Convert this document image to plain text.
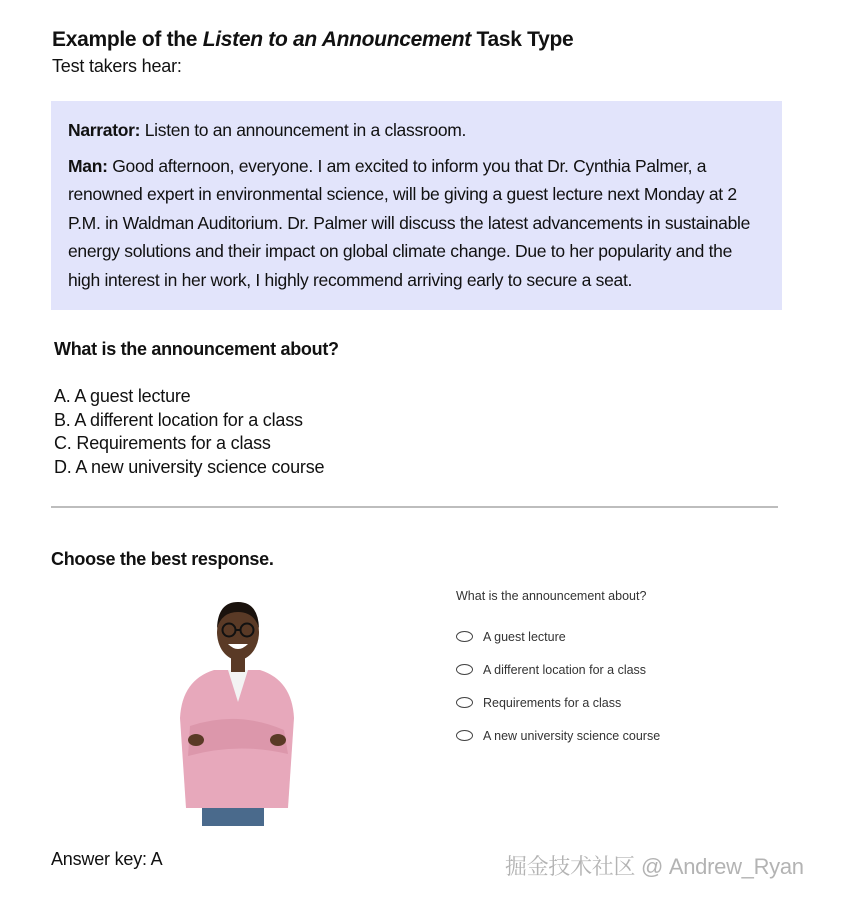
Example of the Listen to an Announcement Task Type
Test takers hear:

Narrator: Listen to an announcement in a classroom.

Man: Good afternoon, everyone. I am excited to inform you that Dr. Cynthia Palmer, a renowned expert in environmental science, will be giving a guest lecture next Monday at 2 P.M. in Waldman Auditorium. Dr. Palmer will discuss the latest advancements in sustainable energy solutions and their impact on global climate change. Due to her popularity and the high interest in her work, I highly recommend arriving early to secure a seat.

What is the announcement about?
A. A guest lecture
B. A different location for a class
C. Requirements for a class
D. A new university science course
Choose the best response.
What is the announcement about?
A guest lecture
A different location for a class
Requirements for a class
A new university science course
Answer key: A	掘金技术社区 @ Andrew_Ryan
